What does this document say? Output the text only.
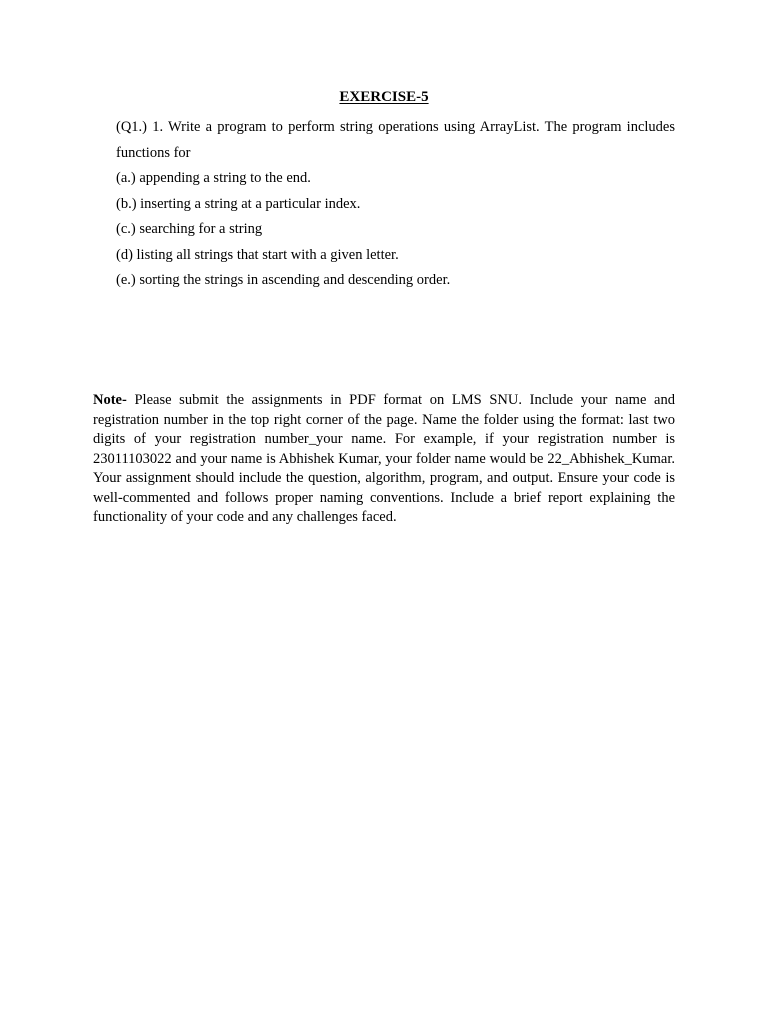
EXERCISE-5

(Q1.) 1. Write a program to perform string operations using ArrayList. The program includes functions for

(a.) appending a string to the end.

(b.) inserting a string at a particular index.

(c.) searching for a string

(d) listing all strings that start with a given letter.

(e.) sorting the strings in ascending and descending order.

Note- Please submit the assignments in PDF format on LMS SNU. Include your name and registration number in the top right corner of the page. Name the folder using the format: last two digits of your registration number_your name. For example, if your registration number is 23011103022 and your name is Abhishek Kumar, your folder name would be 22_Abhishek_Kumar. Your assignment should include the question, algorithm, program, and output. Ensure your code is well-commented and follows proper naming conventions. Include a brief report explaining the functionality of your code and any challenges faced.
